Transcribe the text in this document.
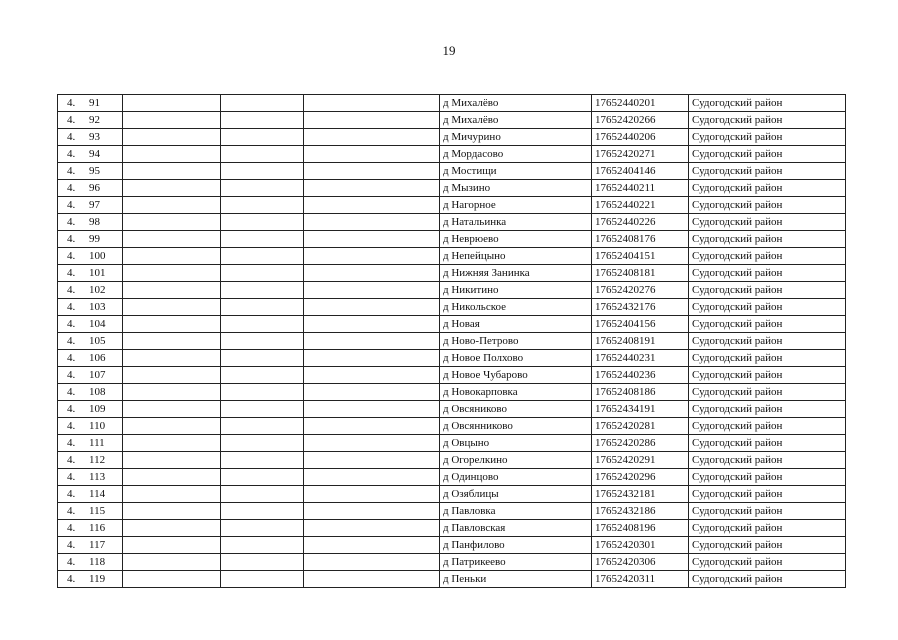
19
4. 91				д Михалёво	17652440201	Судогодский район
4. 92				д Михалёво	17652420266	Судогодский район
4. 93				д Мичурино	17652440206	Судогодский район
4. 94				д Мордасово	17652420271	Судогодский район
4. 95				д Мостищи	17652404146	Судогодский район
4. 96				д Мызино	17652440211	Судогодский район
4. 97				д Нагорное	17652440221	Судогодский район
4. 98				д Натальинка	17652440226	Судогодский район
4. 99				д Неврюево	17652408176	Судогодский район
4. 100				д Непейцыно	17652404151	Судогодский район
4. 101				д Нижняя Занинка	17652408181	Судогодский район
4. 102				д Никитино	17652420276	Судогодский район
4. 103				д Никольское	17652432176	Судогодский район
4. 104				д Новая	17652404156	Судогодский район
4. 105				д Ново-Петрово	17652408191	Судогодский район
4. 106				д Новое Полхово	17652440231	Судогодский район
4. 107				д Новое Чубарово	17652440236	Судогодский район
4. 108				д Новокарповка	17652408186	Судогодский район
4. 109				д Овсяниково	17652434191	Судогодский район
4. 110				д Овсянниково	17652420281	Судогодский район
4. 111				д Овцыно	17652420286	Судогодский район
4. 112				д Огорелкино	17652420291	Судогодский район
4. 113				д Одинцово	17652420296	Судогодский район
4. 114				д Озяблицы	17652432181	Судогодский район
4. 115				д Павловка	17652432186	Судогодский район
4. 116				д Павловская	17652408196	Судогодский район
4. 117				д Панфилово	17652420301	Судогодский район
4. 118				д Патрикеево	17652420306	Судогодский район
4. 119				д Пеньки	17652420311	Судогодский район
